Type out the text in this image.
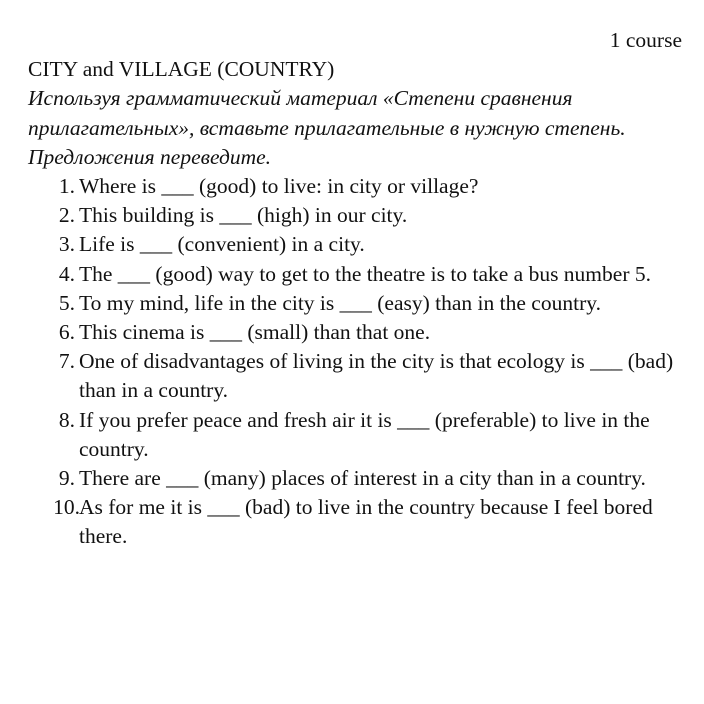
1 course
CITY and VILLAGE (COUNTRY)
Используя грамматический материал «Степени сравнения прилагательных», вставьте прилагательные в нужную степень. Предложения переведите.
1. Where is ___ (good) to live: in city or village?
2. This building is ___ (high) in our city.
3. Life is ___ (convenient) in a city.
4. The ___ (good) way to get to the theatre is to take a bus number 5.
5. To my mind, life in the city is ___ (easy) than in the country.
6. This cinema is ___ (small) than that one.
7. One of disadvantages of living in the city is that ecology is ___ (bad) than in a country.
8. If you prefer peace and fresh air it is ___ (preferable) to live in the country.
9. There are ___ (many) places of interest in a city than in a country.
10. As for me it is ___ (bad) to live in the country because I feel bored there.
